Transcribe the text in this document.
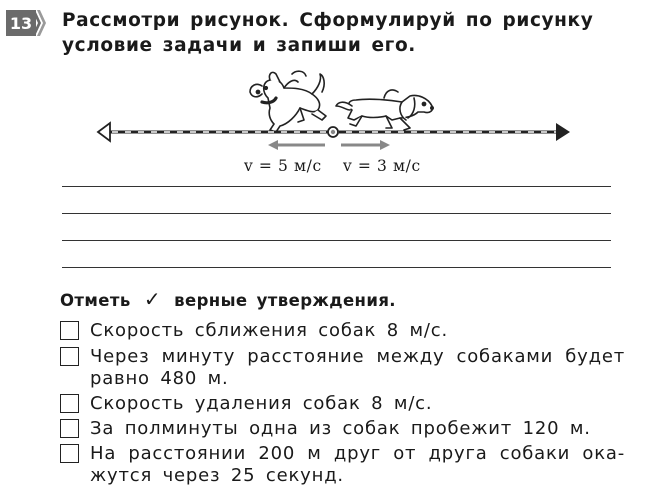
13 Рассмотри рисунок. Сформулируй по рисунку условие задачи и запиши его.
v = 5 м/с v = 3 м/с
Отметь ✓ верные утверждения.
Скорость сближения собак 8 м/с.
Через минуту расстояние между собаками будет равно 480 м.
Скорость удаления собак 8 м/с.
За полминуты одна из собак пробежит 120 м.
На расстоянии 200 м друг от друга собаки ока-жутся через 25 секунд.
